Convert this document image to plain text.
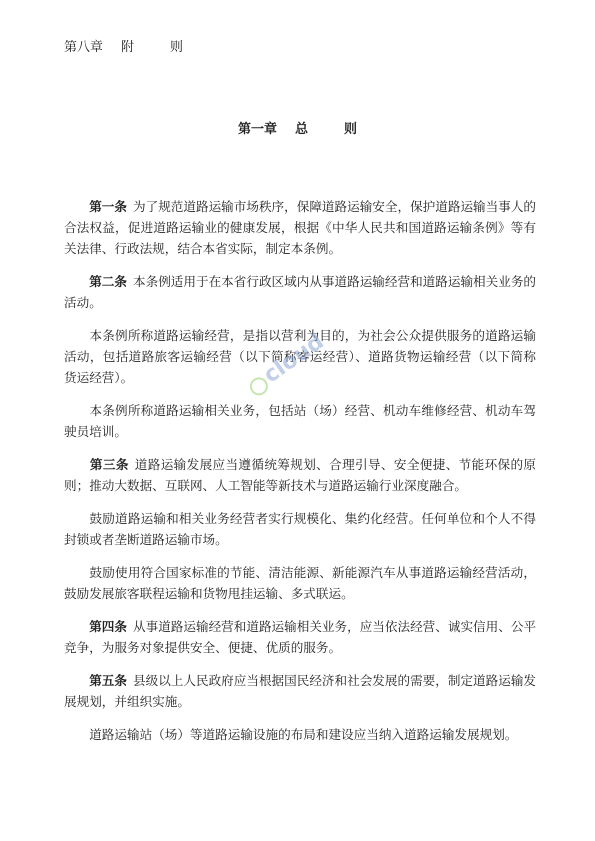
第八章 附	则
第一章 总	则

　　第一条 为了规范道路运输市场秩序，保障道路运输安全，保护道路运输当事人的合法权益，促进道路运输业的健康发展，根据《中华人民共和国道路运输条例》等有关法律、行政法规，结合本省实际，制定本条例。

　　第二条 本条例适用于在本省行政区域内从事道路运输经营和道路运输相关业务的活动。

　　本条例所称道路运输经营，是指以营利为目的，为社会公众提供服务的道路运输活动，包括道路旅客运输经营（以下简称客运经营）、道路货物运输经营（以下简称货运经营）。

　　本条例所称道路运输相关业务，包括站（场）经营、机动车维修经营、机动车驾驶员培训。

　　第三条 道路运输发展应当遵循统筹规划、合理引导、安全便捷、节能环保的原则；推动大数据、互联网、人工智能等新技术与道路运输行业深度融合。

　　鼓励道路运输和相关业务经营者实行规模化、集约化经营。任何单位和个人不得封锁或者垄断道路运输市场。

　　鼓励使用符合国家标准的节能、清洁能源、新能源汽车从事道路运输经营活动，鼓励发展旅客联程运输和货物甩挂运输、多式联运。

　　第四条 从事道路运输经营和道路运输相关业务，应当依法经营、诚实信用、公平竞争，为服务对象提供安全、便捷、优质的服务。

　　第五条 县级以上人民政府应当根据国民经济和社会发展的需要，制定道路运输发展规划，并组织实施。

　　道路运输站（场）等道路运输设施的布局和建设应当纳入道路运输发展规划。

cloud
